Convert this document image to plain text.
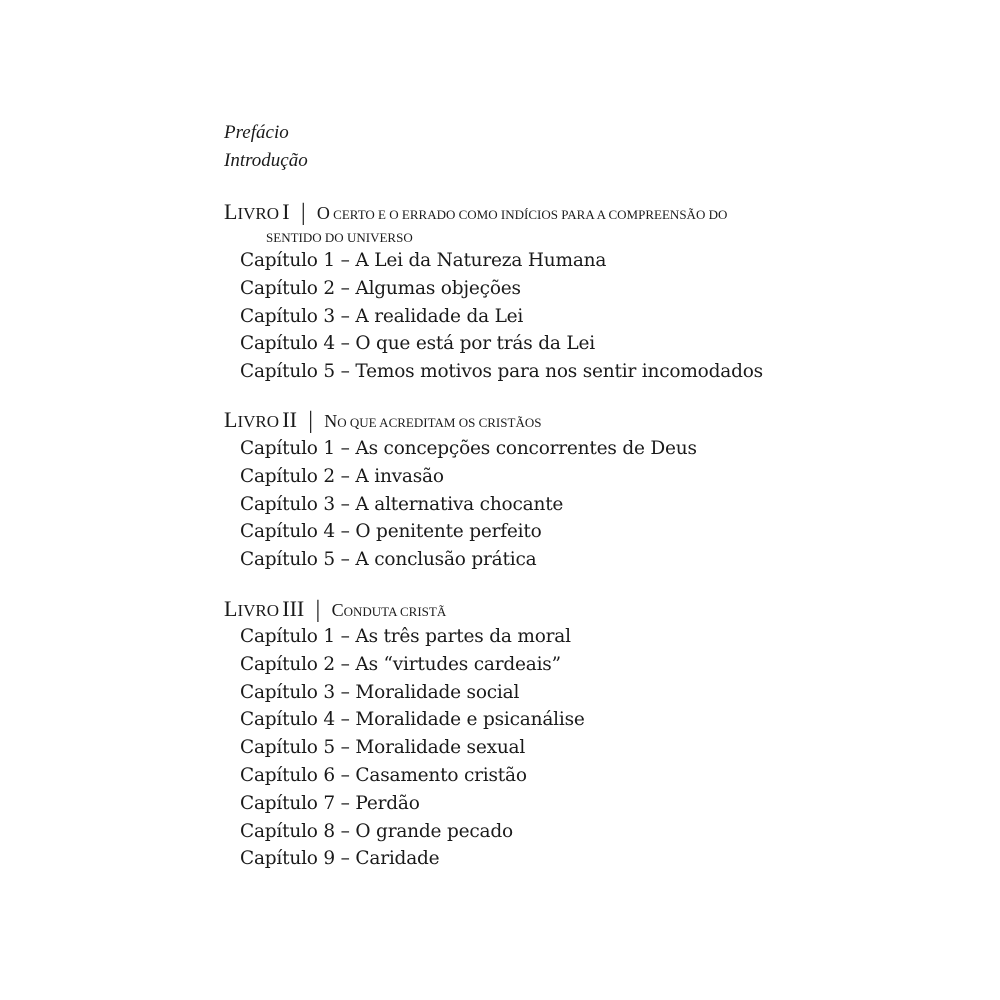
Prefácio
Introdução
LIVRO I | O CERTO E O ERRADO COMO INDÍCIOS PARA A COMPREENSÃO DO
SENTIDO DO UNIVERSO
Capítulo 1 – A Lei da Natureza Humana
Capítulo 2 – Algumas objeções
Capítulo 3 – A realidade da Lei
Capítulo 4 – O que está por trás da Lei
Capítulo 5 – Temos motivos para nos sentir incomodados
LIVRO II | NO QUE ACREDITAM OS CRISTÃOS
Capítulo 1 – As concepções concorrentes de Deus
Capítulo 2 – A invasão
Capítulo 3 – A alternativa chocante
Capítulo 4 – O penitente perfeito
Capítulo 5 – A conclusão prática
LIVRO III | CONDUTA CRISTÃ
Capítulo 1 – As três partes da moral
Capítulo 2 – As “virtudes cardeais”
Capítulo 3 – Moralidade social
Capítulo 4 – Moralidade e psicanálise
Capítulo 5 – Moralidade sexual
Capítulo 6 – Casamento cristão
Capítulo 7 – Perdão
Capítulo 8 – O grande pecado
Capítulo 9 – Caridade
